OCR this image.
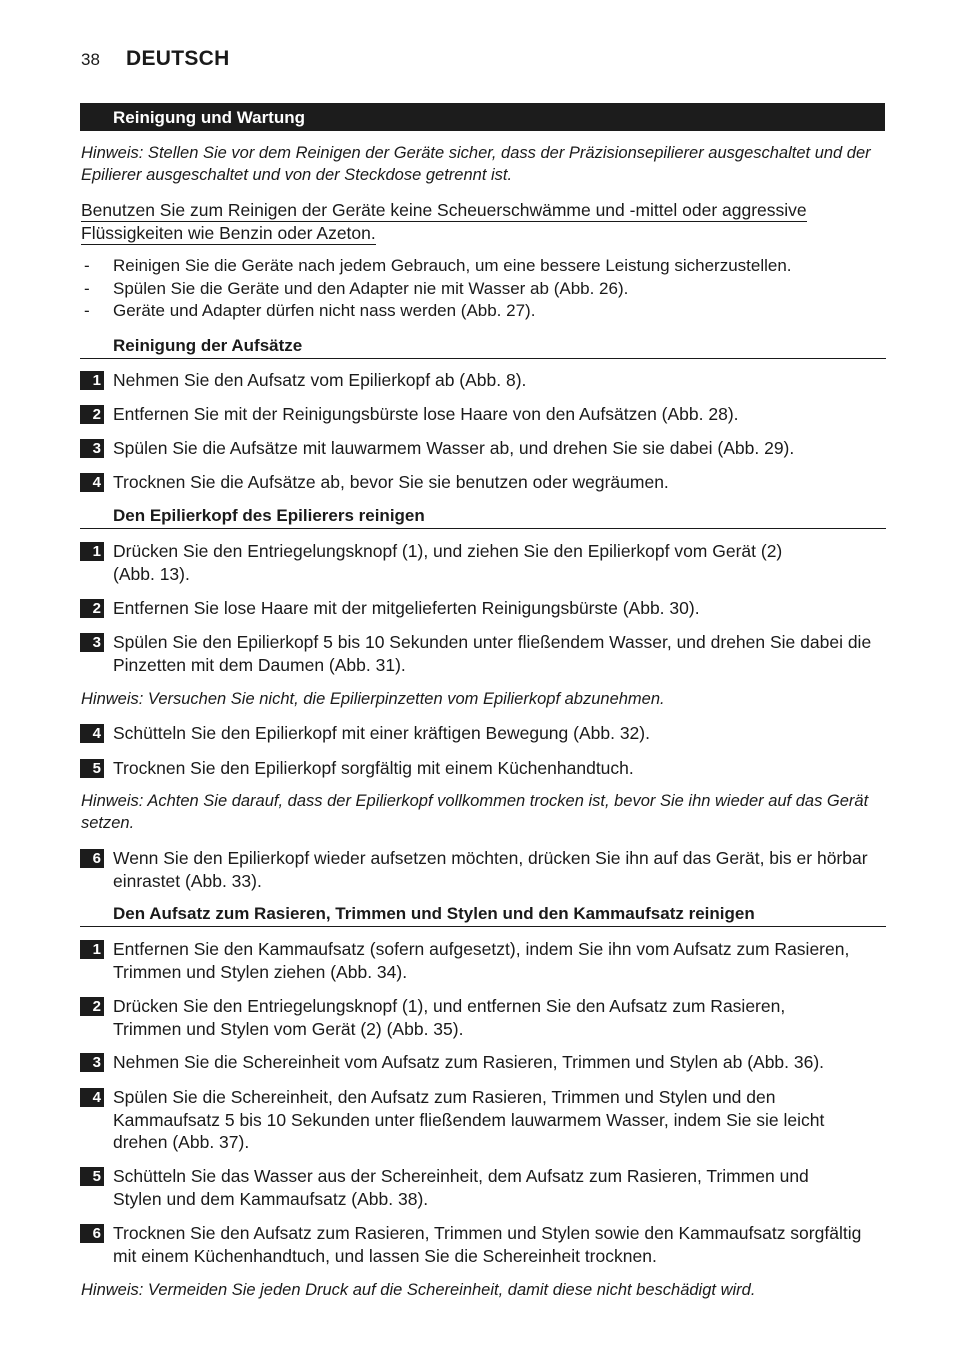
38 DEUTSCH
Reinigung und Wartung
Hinweis: Stellen Sie vor dem Reinigen der Geräte sicher, dass der Präzisionsepilierer ausgeschaltet und der Epilierer ausgeschaltet und von der Steckdose getrennt ist.
Benutzen Sie zum Reinigen der Geräte keine Scheuerschwämme und -mittel oder aggressive
Flüssigkeiten wie Benzin oder Azeton.
- Reinigen Sie die Geräte nach jedem Gebrauch, um eine bessere Leistung sicherzustellen.
- Spülen Sie die Geräte und den Adapter nie mit Wasser ab (Abb. 26).
- Geräte und Adapter dürfen nicht nass werden (Abb. 27).
Reinigung der Aufsätze
1 Nehmen Sie den Aufsatz vom Epilierkopf ab (Abb. 8).
2 Entfernen Sie mit der Reinigungsbürste lose Haare von den Aufsätzen (Abb. 28).
3 Spülen Sie die Aufsätze mit lauwarmem Wasser ab, und drehen Sie sie dabei (Abb. 29).
4 Trocknen Sie die Aufsätze ab, bevor Sie sie benutzen oder wegräumen.
Den Epilierkopf des Epilierers reinigen
1 Drücken Sie den Entriegelungsknopf (1), und ziehen Sie den Epilierkopf vom Gerät (2) (Abb. 13).
2 Entfernen Sie lose Haare mit der mitgelieferten Reinigungsbürste (Abb. 30).
3 Spülen Sie den Epilierkopf 5 bis 10 Sekunden unter fließendem Wasser, und drehen Sie dabei die Pinzetten mit dem Daumen (Abb. 31).
Hinweis: Versuchen Sie nicht, die Epilierpinzetten vom Epilierkopf abzunehmen.
4 Schütteln Sie den Epilierkopf mit einer kräftigen Bewegung (Abb. 32).
5 Trocknen Sie den Epilierkopf sorgfältig mit einem Küchenhandtuch.
Hinweis: Achten Sie darauf, dass der Epilierkopf vollkommen trocken ist, bevor Sie ihn wieder auf das Gerät setzen.
6 Wenn Sie den Epilierkopf wieder aufsetzen möchten, drücken Sie ihn auf das Gerät, bis er hörbar einrastet (Abb. 33).
Den Aufsatz zum Rasieren, Trimmen und Stylen und den Kammaufsatz reinigen
1 Entfernen Sie den Kammaufsatz (sofern aufgesetzt), indem Sie ihn vom Aufsatz zum Rasieren, Trimmen und Stylen ziehen (Abb. 34).
2 Drücken Sie den Entriegelungsknopf (1), und entfernen Sie den Aufsatz zum Rasieren, Trimmen und Stylen vom Gerät (2) (Abb. 35).
3 Nehmen Sie die Schereinheit vom Aufsatz zum Rasieren, Trimmen und Stylen ab (Abb. 36).
4 Spülen Sie die Schereinheit, den Aufsatz zum Rasieren, Trimmen und Stylen und den Kammaufsatz 5 bis 10 Sekunden unter fließendem lauwarmem Wasser, indem Sie sie leicht drehen (Abb. 37).
5 Schütteln Sie das Wasser aus der Schereinheit, dem Aufsatz zum Rasieren, Trimmen und Stylen und dem Kammaufsatz (Abb. 38).
6 Trocknen Sie den Aufsatz zum Rasieren, Trimmen und Stylen sowie den Kammaufsatz sorgfältig mit einem Küchenhandtuch, und lassen Sie die Schereinheit trocknen.
Hinweis: Vermeiden Sie jeden Druck auf die Schereinheit, damit diese nicht beschädigt wird.
